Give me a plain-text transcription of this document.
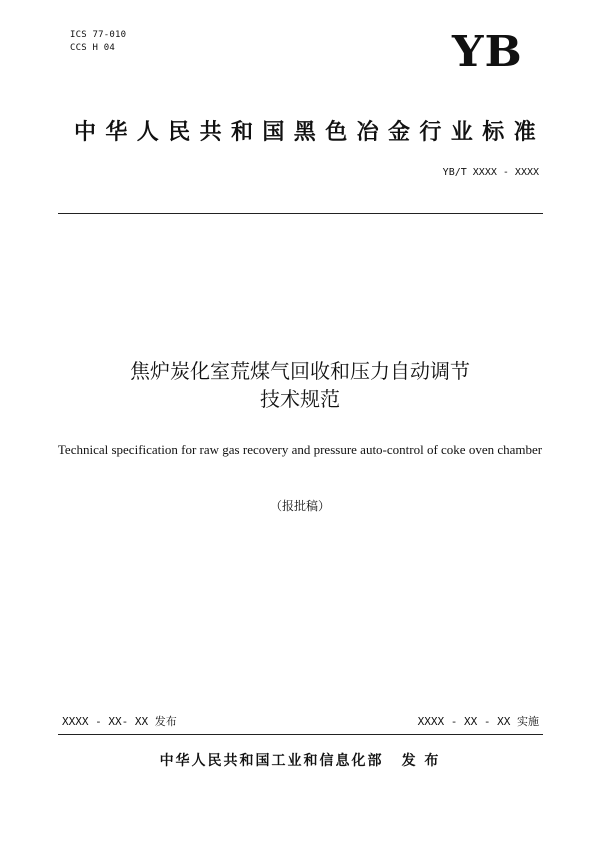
ICS 77-010
CCS H 04	YB
中华人民共和国黑色冶金行业标准
YB/T XXXX - XXXX
焦炉炭化室荒煤气回收和压力自动调节
技术规范
Technical specification for raw gas recovery and pressure auto-control of coke oven chamber
（报批稿）
XXXX - XX- XX 发布	XXXX - XX - XX 实施
中华人民共和国工业和信息化部 发 布
